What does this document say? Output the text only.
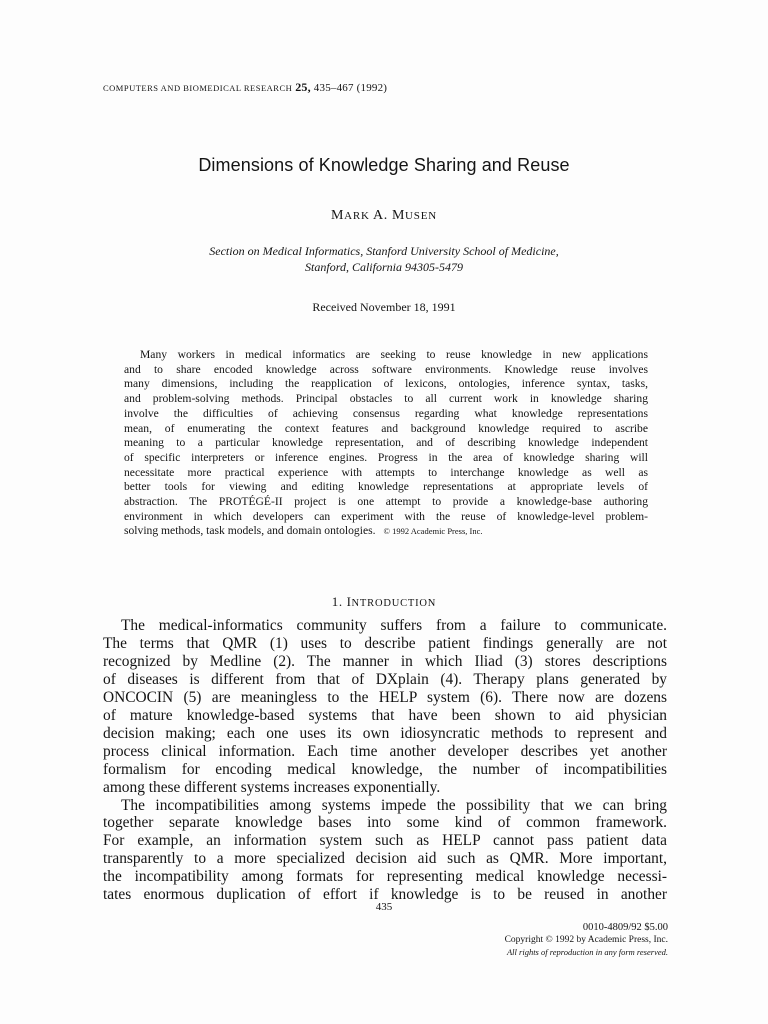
COMPUTERS AND BIOMEDICAL RESEARCH 25, 435–467 (1992)
Dimensions of Knowledge Sharing and Reuse
MARK A. MUSEN
Section on Medical Informatics, Stanford University School of Medicine,
Stanford, California 94305-5479
Received November 18, 1991
Many workers in medical informatics are seeking to reuse knowledge in new applications
and to share encoded knowledge across software environments. Knowledge reuse involves
many dimensions, including the reapplication of lexicons, ontologies, inference syntax, tasks,
and problem-solving methods. Principal obstacles to all current work in knowledge sharing
involve the difficulties of achieving consensus regarding what knowledge representations
mean, of enumerating the context features and background knowledge required to ascribe
meaning to a particular knowledge representation, and of describing knowledge independent
of specific interpreters or inference engines. Progress in the area of knowledge sharing will
necessitate more practical experience with attempts to interchange knowledge as well as
better tools for viewing and editing knowledge representations at appropriate levels of
abstraction. The PROTÉGÉ-II project is one attempt to provide a knowledge-base authoring
environment in which developers can experiment with the reuse of knowledge-level problem-
solving methods, task models, and domain ontologies. © 1992 Academic Press, Inc.
1. INTRODUCTION
The medical-informatics community suffers from a failure to communicate.
The terms that QMR (1) uses to describe patient findings generally are not
recognized by Medline (2). The manner in which Iliad (3) stores descriptions
of diseases is different from that of DXplain (4). Therapy plans generated by
ONCOCIN (5) are meaningless to the HELP system (6). There now are dozens
of mature knowledge-based systems that have been shown to aid physician
decision making; each one uses its own idiosyncratic methods to represent and
process clinical information. Each time another developer describes yet another
formalism for encoding medical knowledge, the number of incompatibilities
among these different systems increases exponentially.
The incompatibilities among systems impede the possibility that we can bring
together separate knowledge bases into some kind of common framework.
For example, an information system such as HELP cannot pass patient data
transparently to a more specialized decision aid such as QMR. More important,
the incompatibility among formats for representing medical knowledge necessi-
tates enormous duplication of effort if knowledge is to be reused in another
435
0010-4809/92 $5.00
Copyright © 1992 by Academic Press, Inc.
All rights of reproduction in any form reserved.
